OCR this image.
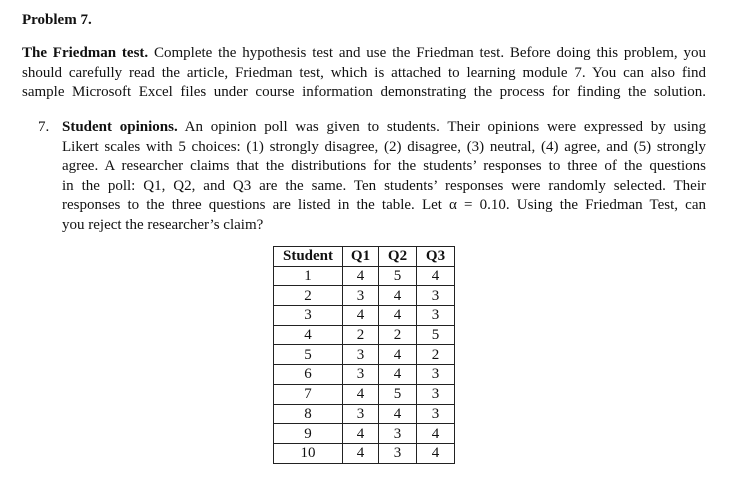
Problem 7.
The Friedman test. Complete the hypothesis test and use the Friedman test. Before doing this problem, you
should carefully read the article, Friedman test, which is attached to learning module 7. You can also find
sample Microsoft Excel files under course information demonstrating the process for finding the solution.
7. Student opinions. An opinion poll was given to students. Their opinions were expressed by using
Likert scales with 5 choices: (1) strongly disagree, (2) disagree, (3) neutral, (4) agree, and (5) strongly
agree. A researcher claims that the distributions for the students’ responses to three of the questions
in the poll: Q1, Q2, and Q3 are the same. Ten students’ responses were randomly selected. Their
responses to the three questions are listed in the table. Let α = 0.10. Using the Friedman Test, can
you reject the researcher’s claim?
Student	Q1	Q2	Q3
1	4	5	4
2	3	4	3
3	4	4	3
4	2	2	5
5	3	4	2
6	3	4	3
7	4	5	3
8	3	4	3
9	4	3	4
10	4	3	4
